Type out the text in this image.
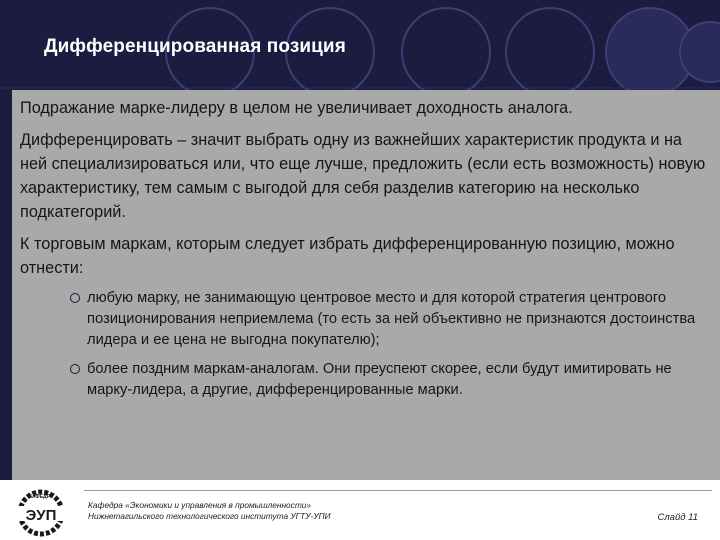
Дифференцированная позиция

Подражание марке-лидеру в целом не увеличивает доходность аналога.

Дифференцировать – значит выбрать одну из важнейших характеристик продукта и на ней специализироваться или, что еще лучше, предложить (если есть возможность) новую характеристику, тем самым с выгодой для себя разделив категорию на несколько подкатегорий.

К торговым маркам, которым следует избрать дифференцированную позицию, можно отнести:

любую марку, не занимающую центровое место и для которой стратегия центрового позиционирования неприемлема (то есть за ней объективно не признаются достоинства лидера и ее цена не выгодна покупателю);
более поздним маркам-аналогам. Они преуспеют скорее, если будут имитировать не марку-лидера, а другие, дифференцированные марки.
КАФЕДРА
ЭУП
Кафедра «Экономики и управления в промышленности»
Нижнетагильского технологического института УГТУ-УПИ	Слайд 11
